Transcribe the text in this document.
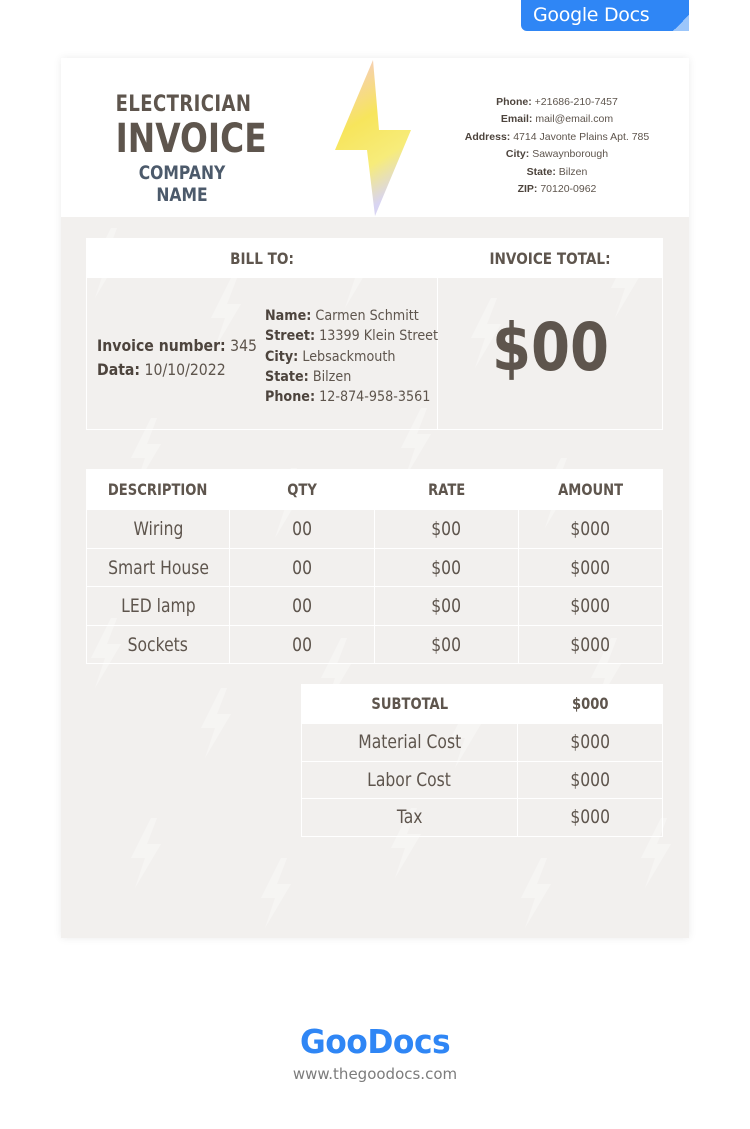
Google Docs
ELECTRICIAN
INVOICE
COMPANY NAME
Phone: +21686-210-7457
Email: mail@email.com
Address: 4714 Javonte Plains Apt. 785
City: Sawaynborough
State: Bilzen
ZIP: 70120-0962
BILL TO:	INVOICE TOTAL:
Invoice number: 345
Data: 10/10/2022
Name: Carmen Schmitt
Street: 13399 Klein Street
City: Lebsackmouth
State: Bilzen
Phone: 12-874-958-3561
$00
DESCRIPTION	QTY	RATE	AMOUNT
Wiring	00	$00	$000
Smart House	00	$00	$000
LED lamp	00	$00	$000
Sockets	00	$00	$000
SUBTOTAL	$000
Material Cost	$000
Labor Cost	$000
Tax	$000
GooDocs
www.thegoodocs.com
